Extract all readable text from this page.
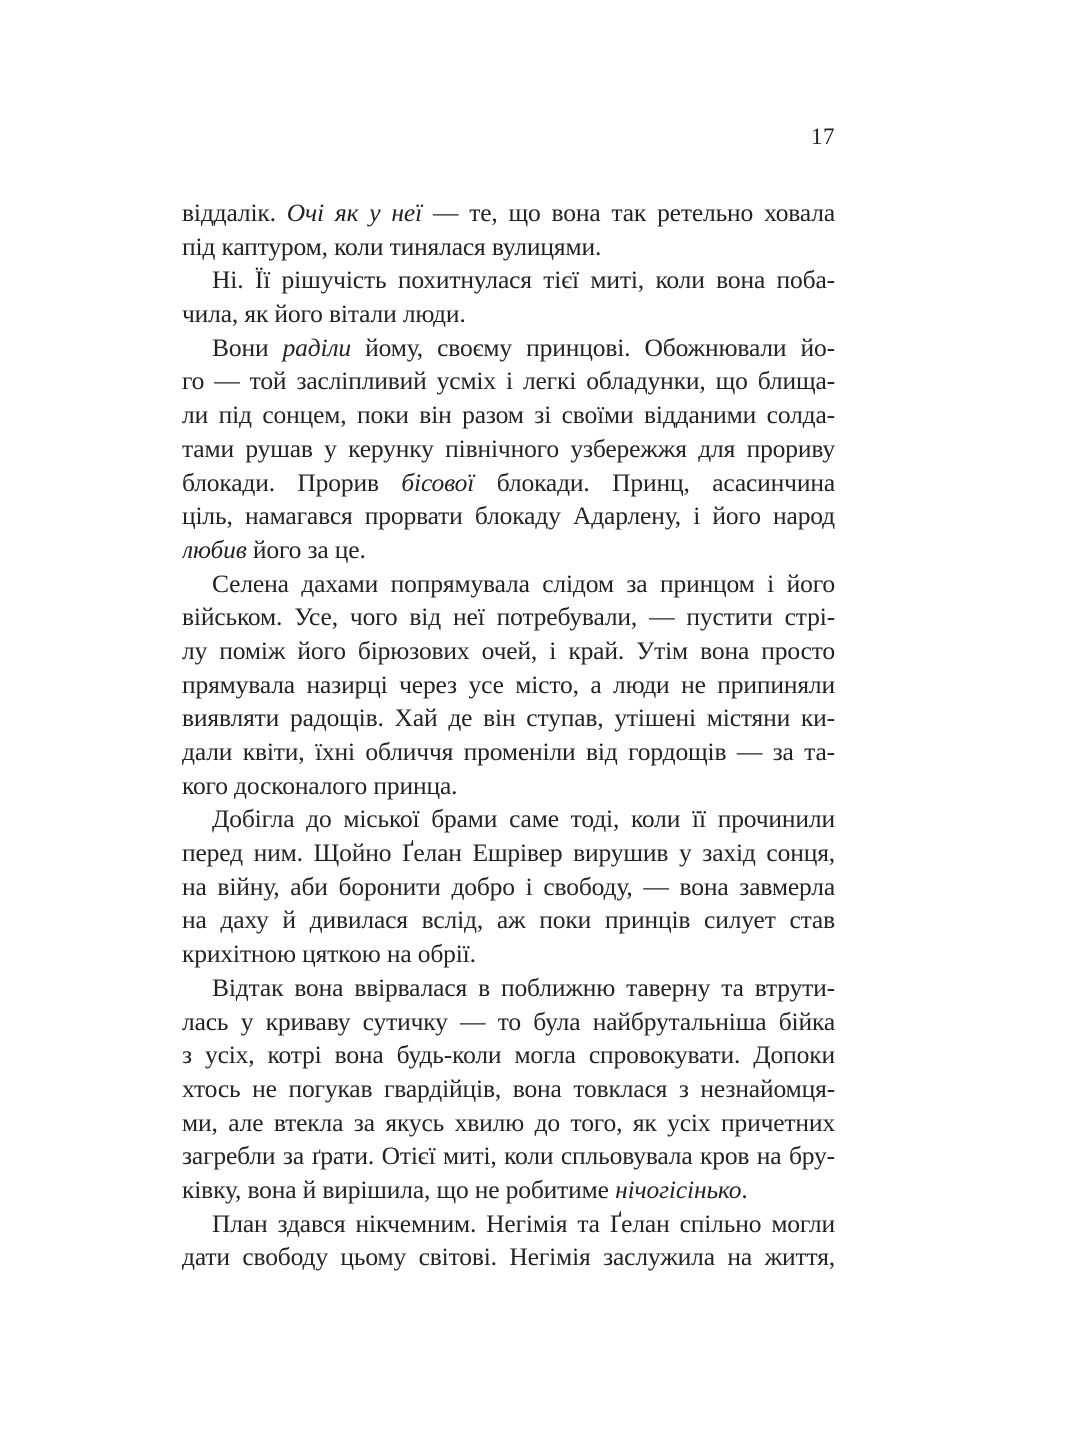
17
віддалік. Очі як у неї — те, що вона так ретельно ховала
під каптуром, коли тинялася вулицями.
Ні. Її рішучість похитнулася тієї миті, коли вона поба-
чила, як його вітали люди.
Вони раділи йому, своєму принцові. Обожнювали йо-
го — той засліпливий усміх і легкі обладунки, що блища-
ли під сонцем, поки він разом зі своїми відданими солда-
тами рушав у керунку північного узбережжя для прориву
блокади. Прорив бісової блокади. Принц, асасинчина
ціль, намагався прорвати блокаду Адарлену, і його народ
любив його за це.
Селена дахами попрямувала слідом за принцом і його
військом. Усе, чого від неї потребували, — пустити стрі-
лу поміж його бірюзових очей, і край. Утім вона просто
прямувала назирці через усе місто, а люди не припиняли
виявляти радощів. Хай де він ступав, утішені містяни ки-
дали квіти, їхні обличчя променіли від гордощів — за та-
кого досконалого принца.
Добігла до міської брами саме тоді, коли її прочинили
перед ним. Щойно Ґелан Ешрівер вирушив у захід сонця,
на війну, аби боронити добро і свободу, — вона завмерла
на даху й дивилася вслід, аж поки принців силует став
крихітною цяткою на обрії.
Відтак вона ввірвалася в поближню таверну та втрути-
лась у криваву сутичку — то була найбрутальніша бійка
з усіх, котрі вона будь-коли могла спровокувати. Допоки
хтось не погукав гвардійців, вона товклася з незнайомця-
ми, але втекла за якусь хвилю до того, як усіх причетних
загребли за ґрати. Отієї миті, коли спльовувала кров на бру-
ківку, вона й вирішила, що не робитиме нічогісінько.
План здався нікчемним. Негімія та Ґелан спільно могли
дати свободу цьому світові. Негімія заслужила на життя,
